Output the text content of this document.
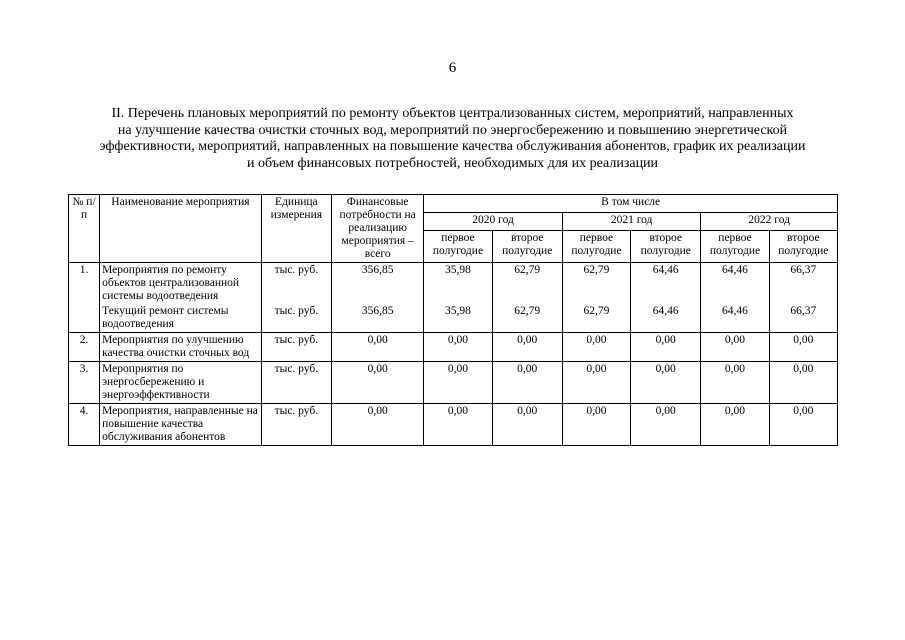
6
II. Перечень плановых мероприятий по ремонту объектов централизованных систем, мероприятий, направленных
на улучшение качества очистки сточных вод, мероприятий по энергосбережению и повышению энергетической
эффективности, мероприятий, направленных на повышение качества обслуживания абонентов, график их реализации
и объем финансовых потребностей, необходимых для их реализации
№ п/п	Наименование мероприятия	Единица измерения	Финансовые потребности на реализацию мероприятия – всего	В том числе					
				2020 год		2021 год		2022 год	
				первое полугодие	второе полугодие	первое полугодие	второе полугодие	первое полугодие	второе полугодие
1.	Мероприятия по ремонту объектов централизованной системы водоотведения	тыс. руб.	356,85	35,98	62,79	62,79	64,46	64,46	66,37
	Текущий ремонт системы водоотведения	тыс. руб.	356,85	35,98	62,79	62,79	64,46	64,46	66,37
2.	Мероприятия по улучшению качества очистки сточных вод	тыс. руб.	0,00	0,00	0,00	0,00	0,00	0,00	0,00
3.	Мероприятия по энергосбережению и энергоэффективности	тыс. руб.	0,00	0,00	0,00	0,00	0,00	0,00	0,00
4.	Мероприятия, направленные на повышение качества обслуживания абонентов	тыс. руб.	0,00	0,00	0,00	0,00	0,00	0,00	0,00
